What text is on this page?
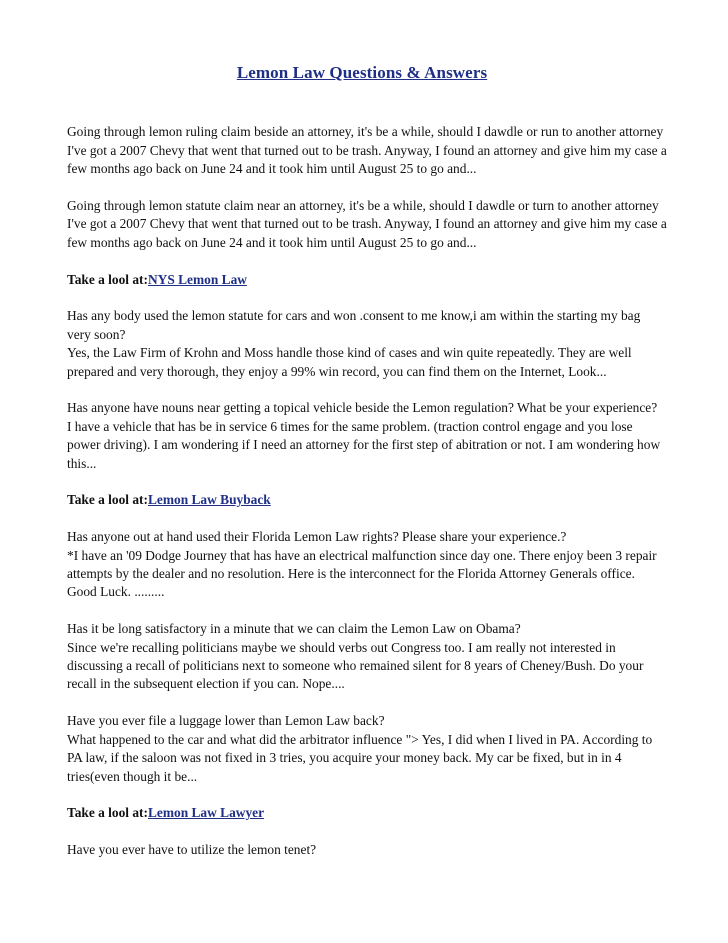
Lemon Law Questions & Answers

Going through lemon ruling claim beside an attorney, it's be a while, should I dawdle or run to another attorney

I've got a 2007 Chevy that went that turned out to be trash. Anyway, I found an attorney and give him my case a few months ago back on June 24 and it took him until August 25 to go and...

Going through lemon statute claim near an attorney, it's be a while, should I dawdle or turn to another attorney

I've got a 2007 Chevy that went that turned out to be trash. Anyway, I found an attorney and give him my case a few months ago back on June 24 and it took him until August 25 to go and...

Take a lool at:NYS Lemon Law

Has any body used the lemon statute for cars and won .consent to me know,i am within the starting my bag very soon?

Yes, the Law Firm of Krohn and Moss handle those kind of cases and win quite repeatedly. They are well prepared and very thorough, they enjoy a 99% win record, you can find them on the Internet, Look...

Has anyone have nouns near getting a topical vehicle beside the Lemon regulation? What be your experience?

I have a vehicle that has be in service 6 times for the same problem. (traction control engage and you lose power driving). I am wondering if I need an attorney for the first step of abitration or not. I am wondering how this...

Take a lool at:Lemon Law Buyback

Has anyone out at hand used their Florida Lemon Law rights? Please share your experience.?

*I have an '09 Dodge Journey that has have an electrical malfunction since day one. There enjoy been 3 repair attempts by the dealer and no resolution. Here is the interconnect for the Florida Attorney Generals office. Good Luck. .........

Has it be long satisfactory in a minute that we can claim the Lemon Law on Obama?

Since we're recalling politicians maybe we should verbs out Congress too. I am really not interested in discussing a recall of politicians next to someone who remained silent for 8 years of Cheney/Bush. Do your recall in the subsequent election if you can. Nope....

Have you ever file a luggage lower than Lemon Law back?

What happened to the car and what did the arbitrator influence "> Yes, I did when I lived in PA. According to PA law, if the saloon was not fixed in 3 tries, you acquire your money back. My car be fixed, but in in 4 tries(even though it be...

Take a lool at:Lemon Law Lawyer

Have you ever have to utilize the lemon tenet?
